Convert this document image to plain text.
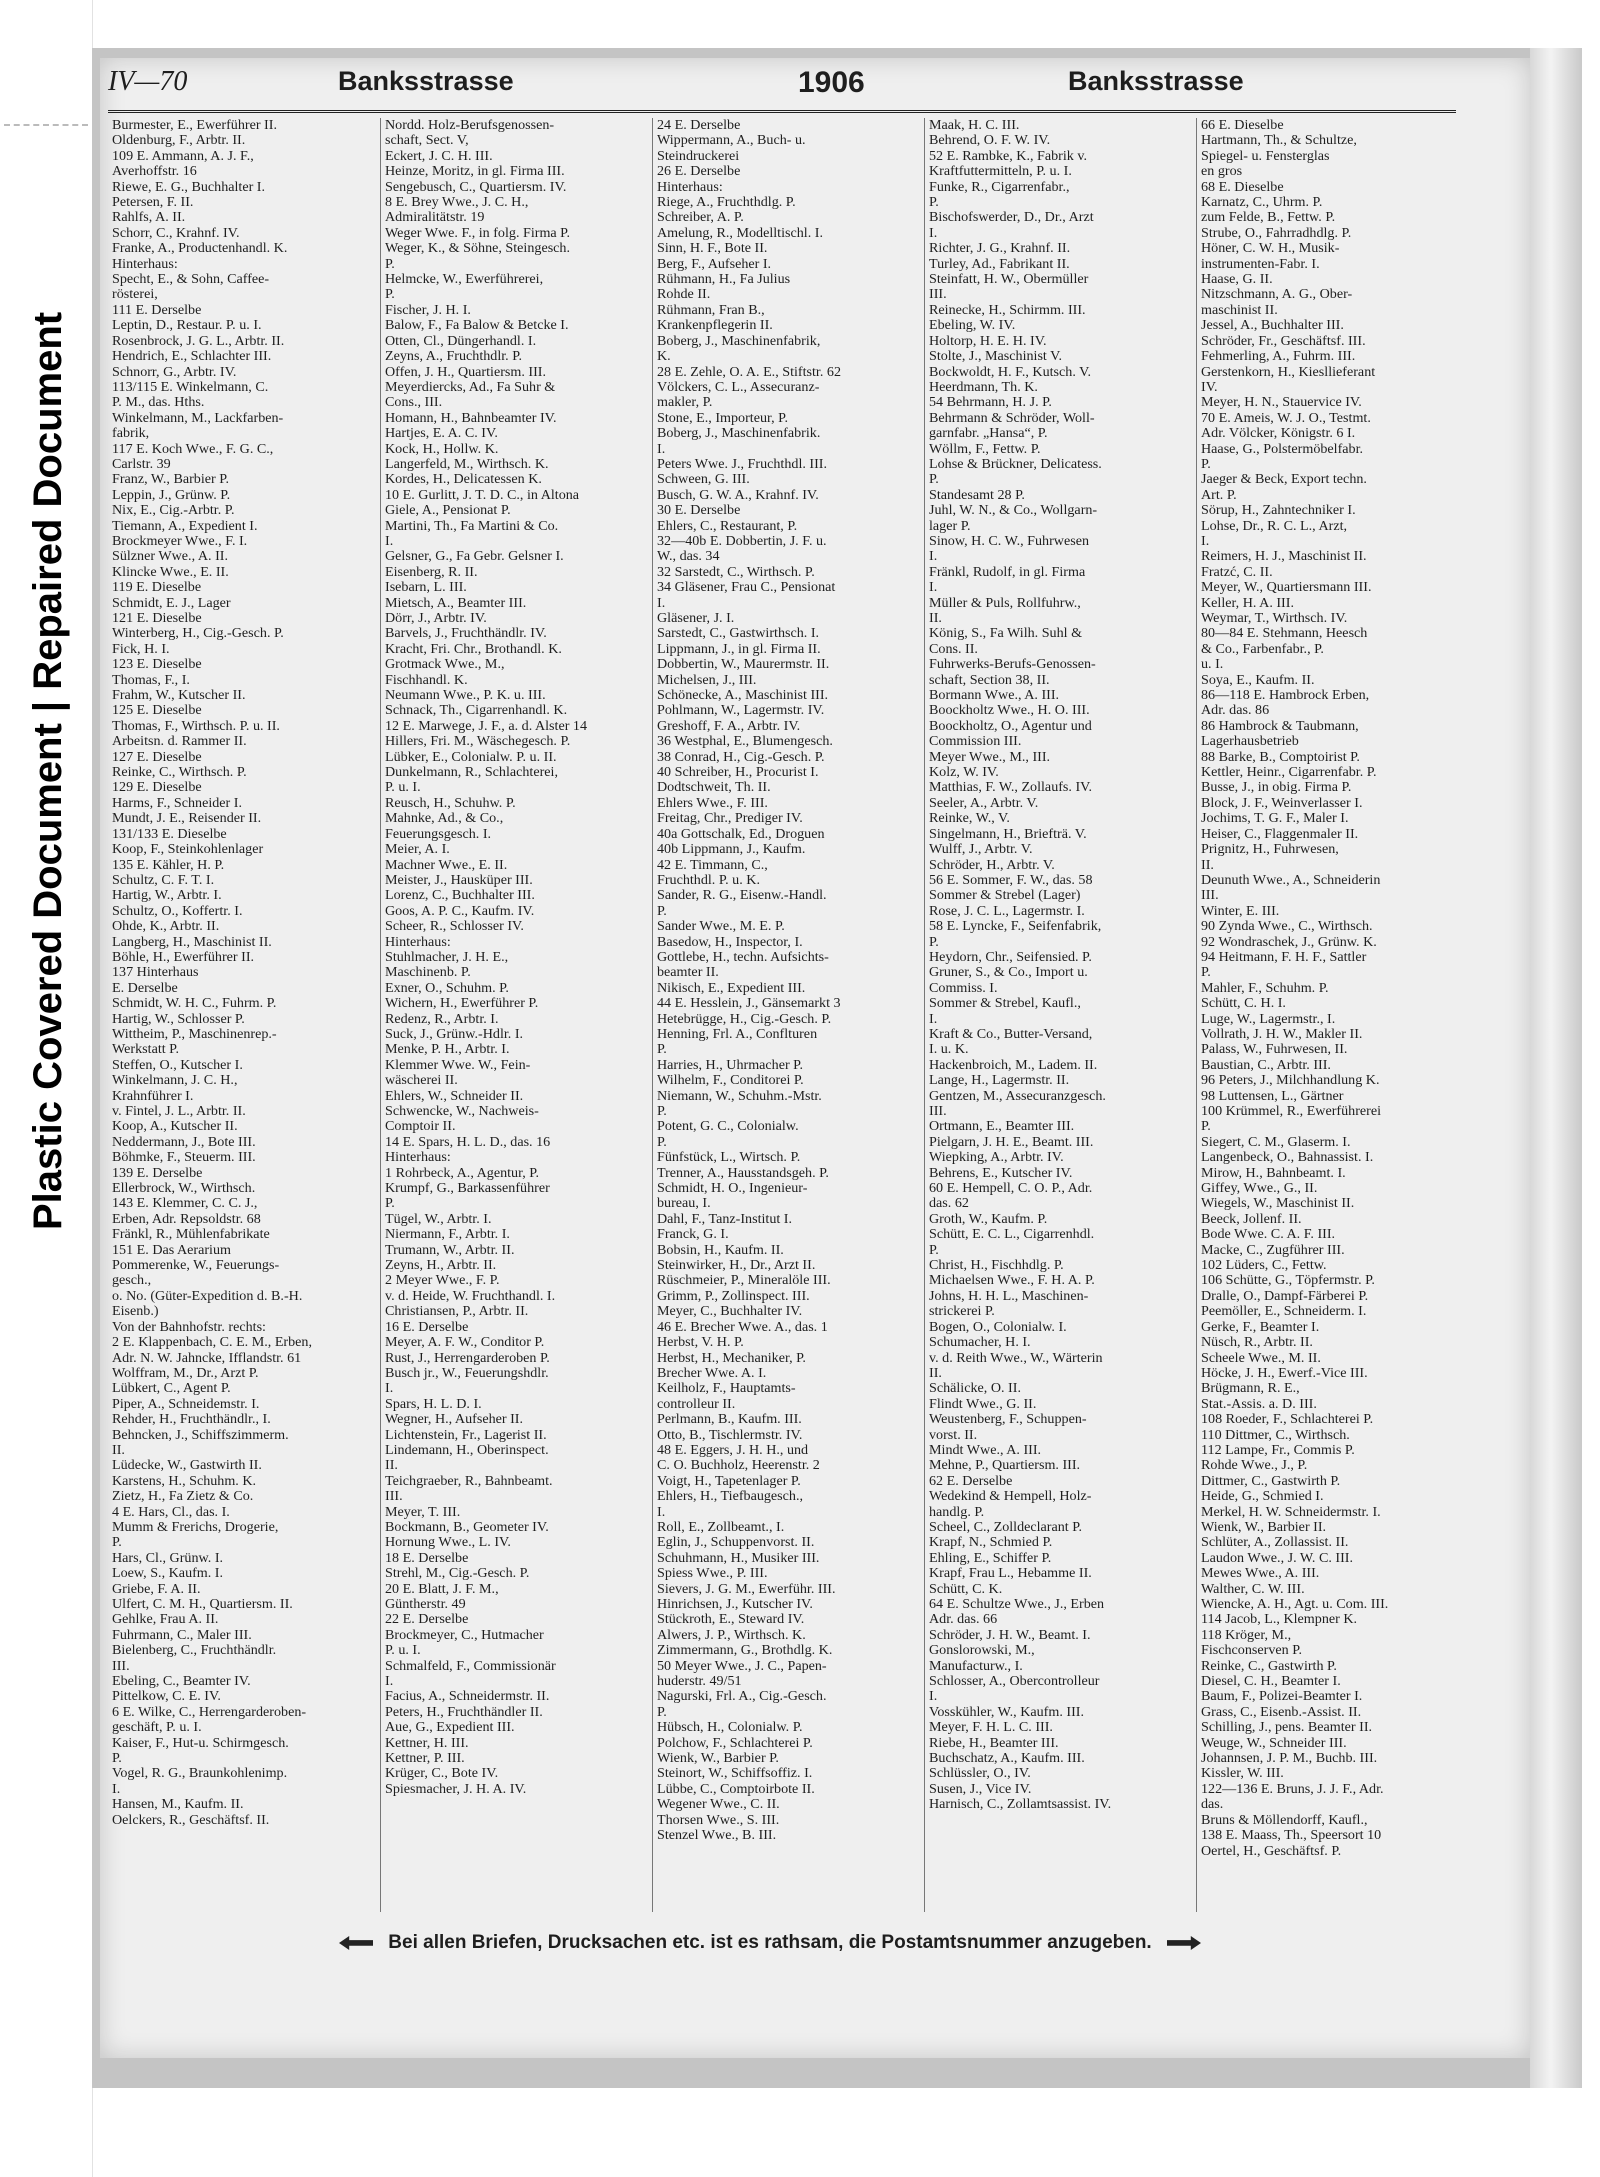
Plastic Covered Document | Repaired Document
IV—70	Banksstrasse	1906	Banksstrasse
Burmester, E., Ewerführer II.
Oldenburg, F., Arbtr. II.
109 E. Ammann, A. J. F.,
Averhoffstr. 16
Riewe, E. G., Buchhalter I.
Petersen, F. II.
Rahlfs, A. II.
Schorr, C., Krahnf. IV.
Franke, A., Productenhandl. K.
Hinterhaus:
Specht, E., & Sohn, Caffee-
rösterei,
111 E. Derselbe
Leptin, D., Restaur. P. u. I.
Rosenbrock, J. G. L., Arbtr. II.
Hendrich, E., Schlachter III.
Schnorr, G., Arbtr. IV.
113/115 E. Winkelmann, C.
P. M., das. Hths.
Winkelmann, M., Lackfarben-
fabrik,
117 E. Koch Wwe., F. G. C.,
Carlstr. 39
Franz, W., Barbier P.
Leppin, J., Grünw. P.
Nix, E., Cig.-Arbtr. P.
Tiemann, A., Expedient I.
Brockmeyer Wwe., F. I.
Sülzner Wwe., A. II.
Klincke Wwe., E. II.
119 E. Dieselbe
Schmidt, E. J., Lager
121 E. Dieselbe
Winterberg, H., Cig.-Gesch. P.
Fick, H. I.
123 E. Dieselbe
Thomas, F., I.
Frahm, W., Kutscher II.
125 E. Dieselbe
Thomas, F., Wirthsch. P. u. II.
Arbeitsn. d. Rammer II.
127 E. Dieselbe
Reinke, C., Wirthsch. P.
129 E. Dieselbe
Harms, F., Schneider I.
Mundt, J. E., Reisender II.
131/133 E. Dieselbe
Koop, F., Steinkohlenlager
135 E. Kähler, H. P.
Schultz, C. F. T. I.
Hartig, W., Arbtr. I.
Schultz, O., Koffertr. I.
Ohde, K., Arbtr. II.
Langberg, H., Maschinist II.
Böhle, H., Ewerführer II.
137 Hinterhaus
E. Derselbe
Schmidt, W. H. C., Fuhrm. P.
Hartig, W., Schlosser P.
Wittheim, P., Maschinenrep.-
Werkstatt P.
Steffen, O., Kutscher I.
Winkelmann, J. C. H.,
Krahnführer I.
v. Fintel, J. L., Arbtr. II.
Koop, A., Kutscher II.
Neddermann, J., Bote III.
Böhmke, F., Steuerm. III.
139 E. Derselbe
Ellerbrock, W., Wirthsch.
143 E. Klemmer, C. C. J.,
Erben, Adr. Repsoldstr. 68
Fränkl, R., Mühlenfabrikate
151 E. Das Aerarium
Pommerenke, W., Feuerungs-
gesch.,
o. No. (Güter-Expedition d. B.-H.
Eisenb.)
Von der Bahnhofstr. rechts:
2 E. Klappenbach, C. E. M., Erben,
Adr. N. W. Jahncke, Ifflandstr. 61
Wolffram, M., Dr., Arzt P.
Lübkert, C., Agent P.
Piper, A., Schneidemstr. I.
Rehder, H., Fruchthändlr., I.
Behncken, J., Schiffszimmerm.
II.
Lüdecke, W., Gastwirth II.
Karstens, H., Schuhm. K.
Zietz, H., Fa Zietz & Co.
4 E. Hars, Cl., das. I.
Mumm & Frerichs, Drogerie,
P.
Hars, Cl., Grünw. I.
Loew, S., Kaufm. I.
Griebe, F. A. II.
Ulfert, C. M. H., Quartiersm. II.
Gehlke, Frau A. II.
Fuhrmann, C., Maler III.
Bielenberg, C., Fruchthändlr.
III.
Ebeling, C., Beamter IV.
Pittelkow, C. E. IV.
6 E. Wilke, C., Herrengarderoben-
geschäft, P. u. I.
Kaiser, F., Hut-u. Schirmgesch.
P.
Vogel, R. G., Braunkohlenimp.
I.
Hansen, M., Kaufm. II.
Oelckers, R., Geschäftsf. II.
Nordd. Holz-Berufsgenossen-
schaft, Sect. V,
Eckert, J. C. H. III.
Heinze, Moritz, in gl. Firma III.
Sengebusch, C., Quartiersm. IV.
8 E. Brey Wwe., J. C. H.,
Admiralitätstr. 19
Weger Wwe. F., in folg. Firma P.
Weger, K., & Söhne, Steingesch.
P.
Helmcke, W., Ewerführerei,
P.
Fischer, J. H. I.
Balow, F., Fa Balow & Betcke I.
Otten, Cl., Düngerhandl. I.
Zeyns, A., Fruchthdlr. P.
Offen, J. H., Quartiersm. III.
Meyerdiercks, Ad., Fa Suhr &
Cons., III.
Homann, H., Bahnbeamter IV.
Hartjes, E. A. C. IV.
Kock, H., Hollw. K.
Langerfeld, M., Wirthsch. K.
Kordes, H., Delicatessen K.
10 E. Gurlitt, J. T. D. C., in Altona
Giele, A., Pensionat P.
Martini, Th., Fa Martini & Co.
I.
Gelsner, G., Fa Gebr. Gelsner I.
Eisenberg, R. II.
Isebarn, L. III.
Mietsch, A., Beamter III.
Dörr, J., Arbtr. IV.
Barvels, J., Fruchthändlr. IV.
Kracht, Fri. Chr., Brothandl. K.
Grotmack Wwe., M.,
Fischhandl. K.
Neumann Wwe., P. K. u. III.
Schnack, Th., Cigarrenhandl. K.
12 E. Marwege, J. F., a. d. Alster 14
Hillers, Fri. M., Wäschegesch. P.
Lübker, E., Colonialw. P. u. II.
Dunkelmann, R., Schlachterei,
P. u. I.
Reusch, H., Schuhw. P.
Mahnke, Ad., & Co.,
Feuerungsgesch. I.
Meier, A. I.
Machner Wwe., E. II.
Meister, J., Hausküper III.
Lorenz, C., Buchhalter III.
Goos, A. P. C., Kaufm. IV.
Scheer, R., Schlosser IV.
Hinterhaus:
Stuhlmacher, J. H. E.,
Maschinenb. P.
Exner, O., Schuhm. P.
Wichern, H., Ewerführer P.
Redenz, R., Arbtr. I.
Suck, J., Grünw.-Hdlr. I.
Menke, P. H., Arbtr. I.
Klemmer Wwe. W., Fein-
wäscherei II.
Ehlers, W., Schneider II.
Schwencke, W., Nachweis-
Comptoir II.
14 E. Spars, H. L. D., das. 16
Hinterhaus:
1 Rohrbeck, A., Agentur, P.
Krumpf, G., Barkassenführer
P.
Tügel, W., Arbtr. I.
Niermann, F., Arbtr. I.
Trumann, W., Arbtr. II.
Zeyns, H., Arbtr. II.
2 Meyer Wwe., F. P.
v. d. Heide, W. Fruchthandl. I.
Christiansen, P., Arbtr. II.
16 E. Derselbe
Meyer, A. F. W., Conditor P.
Rust, J., Herrengarderoben P.
Busch jr., W., Feuerungshdlr.
I.
Spars, H. L. D. I.
Wegner, H., Aufseher II.
Lichtenstein, Fr., Lagerist II.
Lindemann, H., Oberinspect.
II.
Teichgraeber, R., Bahnbeamt.
III.
Meyer, T. III.
Bockmann, B., Geometer IV.
Hornung Wwe., L. IV.
18 E. Derselbe
Strehl, M., Cig.-Gesch. P.
20 E. Blatt, J. F. M.,
Güntherstr. 49
22 E. Derselbe
Brockmeyer, C., Hutmacher
P. u. I.
Schmalfeld, F., Commissionär
I.
Facius, A., Schneidermstr. II.
Peters, H., Fruchthändler II.
Aue, G., Expedient III.
Kettner, H. III.
Kettner, P. III.
Krüger, C., Bote IV.
Spiesmacher, J. H. A. IV.
24 E. Derselbe
Wippermann, A., Buch- u.
Steindruckerei
26 E. Derselbe
Hinterhaus:
Riege, A., Fruchthdlg. P.
Schreiber, A. P.
Amelung, R., Modelltischl. I.
Sinn, H. F., Bote II.
Berg, F., Aufseher I.
Rühmann, H., Fa Julius
Rohde II.
Rühmann, Fran B.,
Krankenpflegerin II.
Boberg, J., Maschinenfabrik,
K.
28 E. Zehle, O. A. E., Stiftstr. 62
Völckers, C. L., Assecuranz-
makler, P.
Stone, E., Importeur, P.
Boberg, J., Maschinenfabrik.
I.
Peters Wwe. J., Fruchthdl. III.
Schween, G. III.
Busch, G. W. A., Krahnf. IV.
30 E. Derselbe
Ehlers, C., Restaurant, P.
32—40b E. Dobbertin, J. F. u.
W., das. 34
32 Sarstedt, C., Wirthsch. P.
34 Gläsener, Frau C., Pensionat
I.
Gläsener, J. I.
Sarstedt, C., Gastwirthsch. I.
Lippmann, J., in gl. Firma II.
Dobbertin, W., Maurermstr. II.
Michelsen, J., III.
Schönecke, A., Maschinist III.
Pohlmann, W., Lagermstr. IV.
Greshoff, F. A., Arbtr. IV.
36 Westphal, E., Blumengesch.
38 Conrad, H., Cig.-Gesch. P.
40 Schreiber, H., Procurist I.
Dodtschweit, Th. II.
Ehlers Wwe., F. III.
Freitag, Chr., Prediger IV.
40a Gottschalk, Ed., Droguen
40b Lippmann, J., Kaufm.
42 E. Timmann, C.,
Fruchthdl. P. u. K.
Sander, R. G., Eisenw.-Handl.
P.
Sander Wwe., M. E. P.
Basedow, H., Inspector, I.
Gottlebe, H., techn. Aufsichts-
beamter II.
Nikisch, E., Expedient III.
44 E. Hesslein, J., Gänsemarkt 3
Hetebrügge, H., Cig.-Gesch. P.
Henning, Frl. A., Conflturen
P.
Harries, H., Uhrmacher P.
Wilhelm, F., Conditorei P.
Niemann, W., Schuhm.-Mstr.
P.
Potent, G. C., Colonialw.
P.
Fünfstück, L., Wirtsch. P.
Trenner, A., Hausstandsgeh. P.
Schmidt, H. O., Ingenieur-
bureau, I.
Dahl, F., Tanz-Institut I.
Franck, G. I.
Bobsin, H., Kaufm. II.
Steinwirker, H., Dr., Arzt II.
Rüschmeier, P., Mineralöle III.
Grimm, P., Zollinspect. III.
Meyer, C., Buchhalter IV.
46 E. Brecher Wwe. A., das. 1
Herbst, V. H. P.
Herbst, H., Mechaniker, P.
Brecher Wwe. A. I.
Keilholz, F., Hauptamts-
controlleur II.
Perlmann, B., Kaufm. III.
Otto, B., Tischlermstr. IV.
48 E. Eggers, J. H. H., und
C. O. Buchholz, Heerenstr. 2
Voigt, H., Tapetenlager P.
Ehlers, H., Tiefbaugesch.,
I.
Roll, E., Zollbeamt., I.
Eglin, J., Schuppenvorst. II.
Schuhmann, H., Musiker III.
Spiess Wwe., P. III.
Sievers, J. G. M., Ewerführ. III.
Hinrichsen, J., Kutscher IV.
Stückroth, E., Steward IV.
Alwers, J. P., Wirthsch. K.
Zimmermann, G., Brothdlg. K.
50 Meyer Wwe., J. C., Papen-
huderstr. 49/51
Nagurski, Frl. A., Cig.-Gesch.
P.
Hübsch, H., Colonialw. P.
Polchow, F., Schlachterei P.
Wienk, W., Barbier P.
Steinort, W., Schiffsoffiz. I.
Lübbe, C., Comptoirbote II.
Wegener Wwe., C. II.
Thorsen Wwe., S. III.
Stenzel Wwe., B. III.
Maak, H. C. III.
Behrend, O. F. W. IV.
52 E. Rambke, K., Fabrik v.
Kraftfuttermitteln, P. u. I.
Funke, R., Cigarrenfabr.,
P.
Bischofswerder, D., Dr., Arzt
I.
Richter, J. G., Krahnf. II.
Turley, Ad., Fabrikant II.
Steinfatt, H. W., Obermüller
III.
Reinecke, H., Schirmm. III.
Ebeling, W. IV.
Holtorp, H. E. H. IV.
Stolte, J., Maschinist V.
Bockwoldt, H. F., Kutsch. V.
Heerdmann, Th. K.
54 Behrmann, H. J. P.
Behrmann & Schröder, Woll-
garnfabr. „Hansa“, P.
Wöllm, F., Fettw. P.
Lohse & Brückner, Delicatess.
P.
Standesamt 28 P.
Juhl, W. N., & Co., Wollgarn-
lager P.
Sinow, H. C. W., Fuhrwesen
I.
Fränkl, Rudolf, in gl. Firma
I.
Müller & Puls, Rollfuhrw.,
II.
König, S., Fa Wilh. Suhl &
Cons. II.
Fuhrwerks-Berufs-Genossen-
schaft, Section 38, II.
Bormann Wwe., A. III.
Boockholtz Wwe., H. O. III.
Boockholtz, O., Agentur und
Commission III.
Meyer Wwe., M., III.
Kolz, W. IV.
Matthias, F. W., Zollaufs. IV.
Seeler, A., Arbtr. V.
Reinke, W., V.
Singelmann, H., Briefträ. V.
Wulff, J., Arbtr. V.
Schröder, H., Arbtr. V.
56 E. Sommer, F. W., das. 58
Sommer & Strebel (Lager)
Rose, J. C. L., Lagermstr. I.
58 E. Lyncke, F., Seifenfabrik,
P.
Heydorn, Chr., Seifensied. P.
Gruner, S., & Co., Import u.
Commiss. I.
Sommer & Strebel, Kaufl.,
I.
Kraft & Co., Butter-Versand,
I. u. K.
Hackenbroich, M., Ladem. II.
Lange, H., Lagermstr. II.
Gentzen, M., Assecuranzgesch.
III.
Ortmann, E., Beamter III.
Pielgarn, J. H. E., Beamt. III.
Wiepking, A., Arbtr. IV.
Behrens, E., Kutscher IV.
60 E. Hempell, C. O. P., Adr.
das. 62
Groth, W., Kaufm. P.
Schütt, E. C. L., Cigarrenhdl.
P.
Christ, H., Fischhdlg. P.
Michaelsen Wwe., F. H. A. P.
Johns, H. H. L., Maschinen-
strickerei P.
Bogen, O., Colonialw. I.
Schumacher, H. I.
v. d. Reith Wwe., W., Wärterin
II.
Schälicke, O. II.
Flindt Wwe., G. II.
Weustenberg, F., Schuppen-
vorst. II.
Mindt Wwe., A. III.
Mehne, P., Quartiersm. III.
62 E. Derselbe
Wedekind & Hempell, Holz-
handlg. P.
Scheel, C., Zolldeclarant P.
Krapf, N., Schmied P.
Ehling, E., Schiffer P.
Krapf, Frau L., Hebamme II.
Schütt, C. K.
64 E. Schultze Wwe., J., Erben
Adr. das. 66
Schröder, J. H. W., Beamt. I.
Gonslorowski, M.,
Manufacturw., I.
Schlosser, A., Obercontrolleur
I.
Vosskühler, W., Kaufm. III.
Meyer, F. H. L. C. III.
Riebe, H., Beamter III.
Buchschatz, A., Kaufm. III.
Schlüssler, O., IV.
Susen, J., Vice IV.
Harnisch, C., Zollamtsassist. IV.
66 E. Dieselbe
Hartmann, Th., & Schultze,
Spiegel- u. Fensterglas
en gros
68 E. Dieselbe
Karnatz, C., Uhrm. P.
zum Felde, B., Fettw. P.
Strube, O., Fahrradhdlg. P.
Höner, C. W. H., Musik-
instrumenten-Fabr. I.
Haase, G. II.
Nitzschmann, A. G., Ober-
maschinist II.
Jessel, A., Buchhalter III.
Schröder, Fr., Geschäftsf. III.
Fehmerling, A., Fuhrm. III.
Gerstenkorn, H., Kiesllieferant
IV.
Meyer, H. N., Stauervice IV.
70 E. Ameis, W. J. O., Testmt.
Adr. Völcker, Königstr. 6 I.
Haase, G., Polstermöbelfabr.
P.
Jaeger & Beck, Export techn.
Art. P.
Sörup, H., Zahntechniker I.
Lohse, Dr., R. C. L., Arzt,
I.
Reimers, H. J., Maschinist II.
Fratzć, C. II.
Meyer, W., Quartiersmann III.
Keller, H. A. III.
Weymar, T., Wirthsch. IV.
80—84 E. Stehmann, Heesch
& Co., Farbenfabr., P.
u. I.
Soya, E., Kaufm. II.
86—118 E. Hambrock Erben,
Adr. das. 86
86 Hambrock & Taubmann,
Lagerhausbetrieb
88 Barke, B., Comptoirist P.
Kettler, Heinr., Cigarrenfabr. P.
Busse, J., in obig. Firma P.
Block, J. F., Weinverlasser I.
Jochims, T. G. F., Maler I.
Heiser, C., Flaggenmaler II.
Prignitz, H., Fuhrwesen,
II.
Deunuth Wwe., A., Schneiderin
III.
Winter, E. III.
90 Zynda Wwe., C., Wirthsch.
92 Wondraschek, J., Grünw. K.
94 Heitmann, F. H. F., Sattler
P.
Mahler, F., Schuhm. P.
Schütt, C. H. I.
Luge, W., Lagermstr., I.
Vollrath, J. H. W., Makler II.
Palass, W., Fuhrwesen, II.
Baustian, C., Arbtr. III.
96 Peters, J., Milchhandlung K.
98 Luttensen, L., Gärtner
100 Krümmel, R., Ewerführerei
P.
Siegert, C. M., Glaserm. I.
Langenbeck, O., Bahnassist. I.
Mirow, H., Bahnbeamt. I.
Giffey, Wwe., G., II.
Wiegels, W., Maschinist II.
Beeck, Jollenf. II.
Bode Wwe. C. A. F. III.
Macke, C., Zugführer III.
102 Lüders, C., Fettw.
106 Schütte, G., Töpfermstr. P.
Dralle, O., Dampf-Färberei P.
Peemöller, E., Schneiderm. I.
Gerke, F., Beamter I.
Nüsch, R., Arbtr. II.
Scheele Wwe., M. II.
Höcke, J. H., Ewerf.-Vice III.
Brügmann, R. E.,
Stat.-Assis. a. D. III.
108 Roeder, F., Schlachterei P.
110 Dittmer, C., Wirthsch.
112 Lampe, Fr., Commis P.
Rohde Wwe., J., P.
Dittmer, C., Gastwirth P.
Heide, G., Schmied I.
Merkel, H. W. Schneidermstr. I.
Wienk, W., Barbier II.
Schlüter, A., Zollassist. II.
Laudon Wwe., J. W. C. III.
Mewes Wwe., A. III.
Walther, C. W. III.
Wiencke, A. H., Agt. u. Com. III.
114 Jacob, L., Klempner K.
118 Kröger, M.,
Fischconserven P.
Reinke, C., Gastwirth P.
Diesel, C. H., Beamter I.
Baum, F., Polizei-Beamter I.
Grass, C., Eisenb.-Assist. II.
Schilling, J., pens. Beamter II.
Weuge, W., Schneider III.
Johannsen, J. P. M., Buchb. III.
Kissler, W. III.
122—136 E. Bruns, J. J. F., Adr.
das.
Bruns & Möllendorff, Kaufl.,
138 E. Maass, Th., Speersort 10
Oertel, H., Geschäftsf. P.
Bei allen Briefen, Drucksachen etc. ist es rathsam, die Postamtsnummer anzugeben.
